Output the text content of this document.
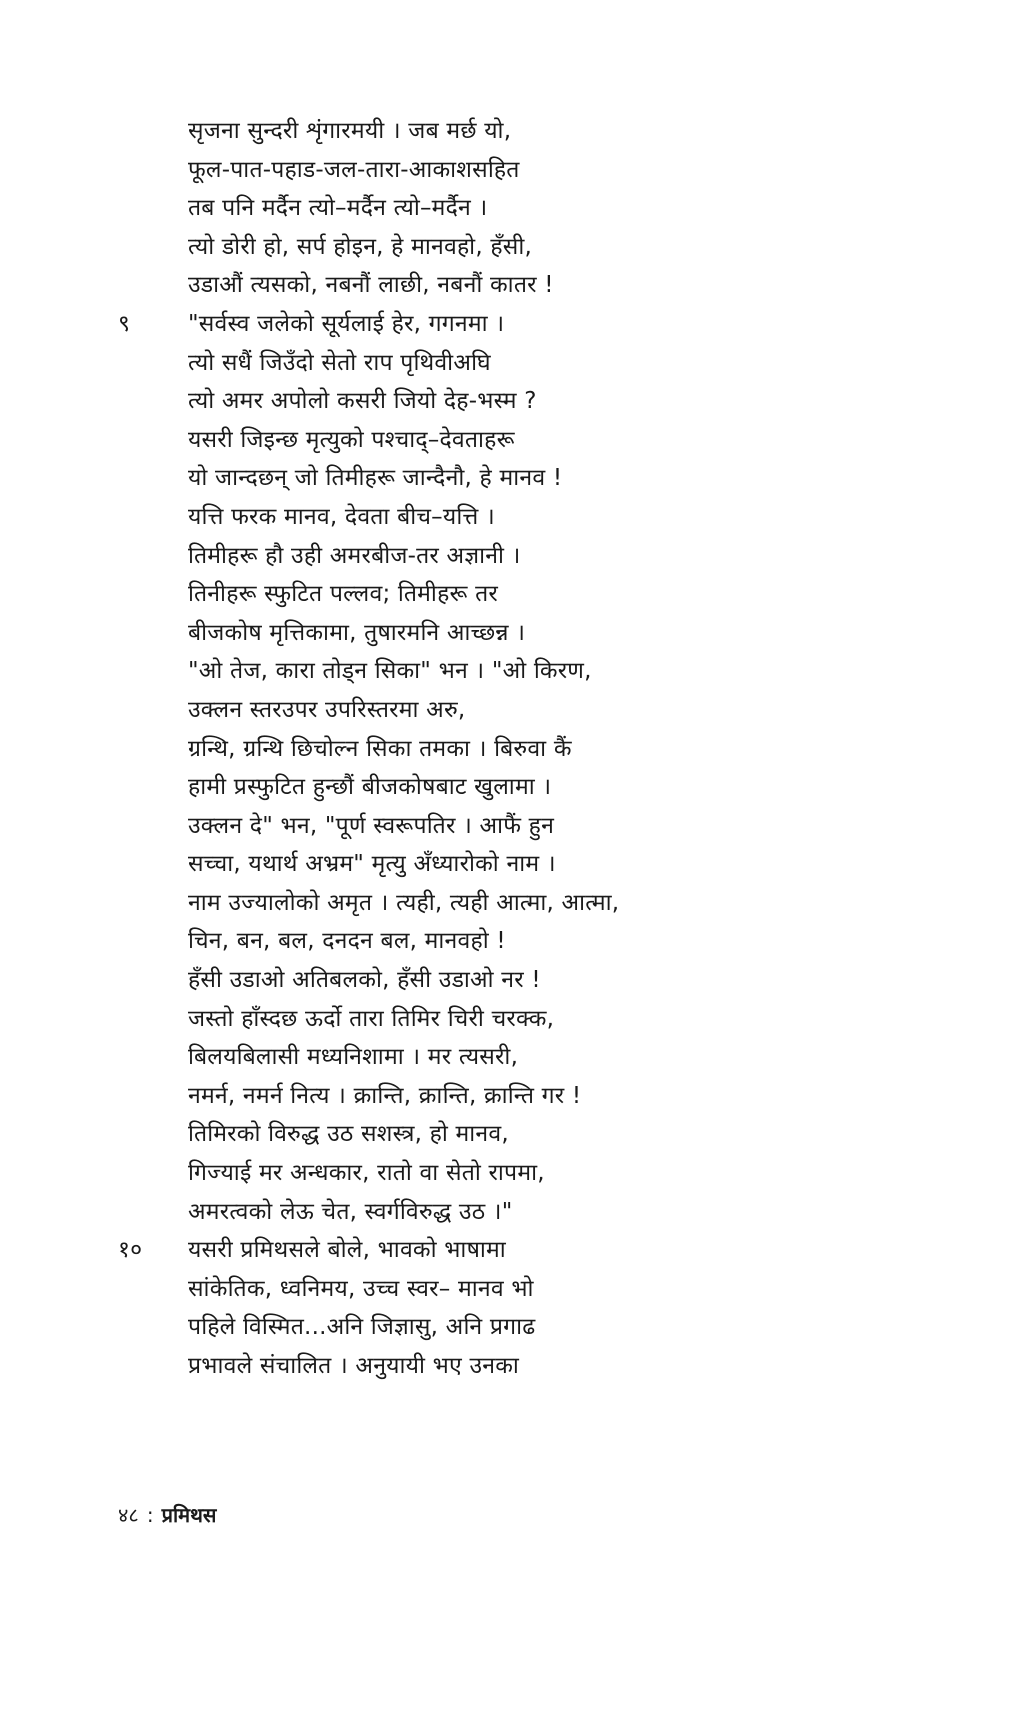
सृजना सुन्दरी शृंगारमयी । जब मर्छ यो,
फूल-पात-पहाड-जल-तारा-आकाशसहित
तब पनि मर्दैन त्यो–मर्दैन त्यो–मर्दैन ।
त्यो डोरी हो, सर्प होइन, हे मानवहो, हँसी,
उडाऔं त्यसको, नबनौं लाछी, नबनौं कातर !
९	"सर्वस्व जलेको सूर्यलाई हेर, गगनमा ।
त्यो सधैं जिउँदो सेतो राप पृथिवीअघि
त्यो अमर अपोलो कसरी जियो देह-भस्म ?
यसरी जिइन्छ मृत्युको पश्चाद्–देवताहरू
यो जान्दछन् जो तिमीहरू जान्दैनौ, हे मानव !
यत्ति फरक मानव, देवता बीच–यत्ति ।
तिमीहरू हौ उही अमरबीज-तर अज्ञानी ।
तिनीहरू स्फुटित पल्लव; तिमीहरू तर
बीजकोष मृत्तिकामा, तुषारमनि आच्छन्न ।
"ओ तेज, कारा तोड्न सिका" भन । "ओ किरण,
उक्लन स्तरउपर उपरिस्तरमा अरु,
ग्रन्थि, ग्रन्थि छिचोल्न सिका तमका । बिरुवा कैं
हामी प्रस्फुटित हुन्छौं बीजकोषबाट खुलामा ।
उक्लन दे" भन, "पूर्ण स्वरूपतिर । आफैं हुन
सच्चा, यथार्थ अभ्रम" मृत्यु अँध्यारोको नाम ।
नाम उज्यालोको अमृत । त्यही, त्यही आत्मा, आत्मा,
चिन, बन, बल, दनदन बल, मानवहो !
हँसी उडाओ अतिबलको, हँसी उडाओ नर !
जस्तो हाँस्दछ ऊर्दो तारा तिमिर चिरी चरक्क,
बिलयबिलासी मध्यनिशामा । मर त्यसरी,
नमर्न, नमर्न नित्य । क्रान्ति, क्रान्ति, क्रान्ति गर !
तिमिरको विरुद्ध उठ सशस्त्र, हो मानव,
गिज्याई मर अन्धकार, रातो वा सेतो रापमा,
अमरत्वको लेऊ चेत, स्वर्गविरुद्ध उठ ।"
१०	यसरी प्रमिथसले बोले, भावको भाषामा
सांकेतिक, ध्वनिमय, उच्च स्वर– मानव भो
पहिले विस्मित...अनि जिज्ञासु, अनि प्रगाढ
प्रभावले संचालित । अनुयायी भए उनका
४८ : प्रमिथस
